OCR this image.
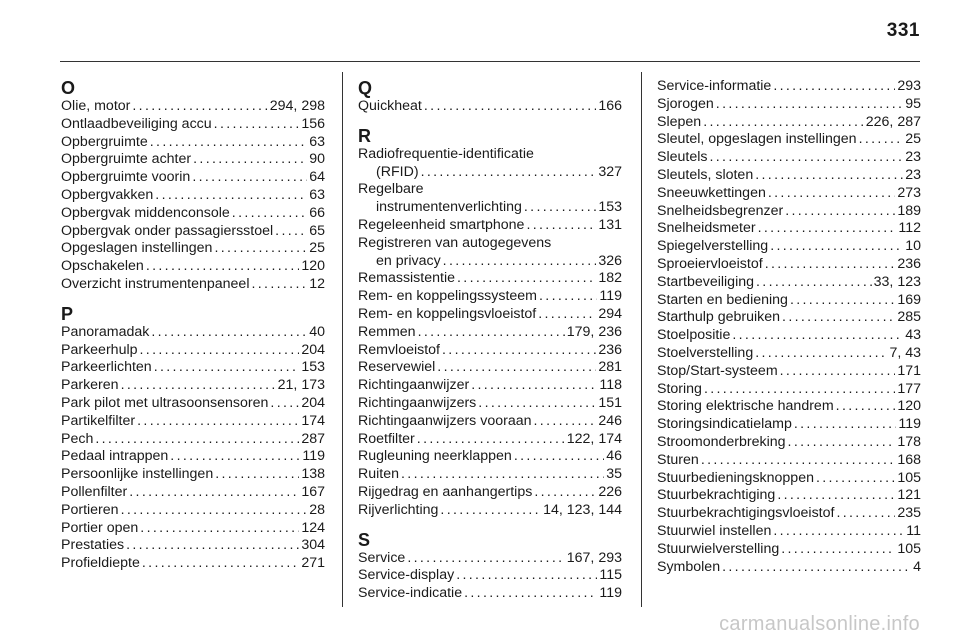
331
O
Olie, motor . . .	294, 298
Ontlaadbeveiliging accu . . .	156
Opbergruimte . . .	63
Opbergruimte achter . . .	90
Opbergruimte voorin . . .	64
Opbergvakken . . .	63
Opbergvak middenconsole . . .	66
Opbergvak onder passagiersstoel . . .	65
Opgeslagen instellingen . . .	25
Opschakelen . . .	120
Overzicht instrumentenpaneel . . .	12
P
Panoramadak . . .	40
Parkeerhulp . . .	204
Parkeerlichten . . .	153
Parkeren . . .	21, 173
Park pilot met ultrasoonsensoren . . . 204
Partikelfilter . . .	174
Pech . . .	287
Pedaal intrappen . . .	119
Persoonlijke instellingen . . .	138
Pollenfilter . . .	167
Portieren . . .	28
Portier open . . .	124
Prestaties . . .	304
Profieldiepte . . .	271
Q
Quickheat . . .	166
R
Radiofrequentie-identificatie
(RFID) . . .	327
Regelbare
instrumentenverlichting . . .	153
Regeleenheid smartphone . . .	131
Registreren van autogegevens
en privacy . . .	326
Remassistentie . . .	182
Rem- en koppelingssysteem . . .	119
Rem- en koppelingsvloeistof . . .	294
Remmen . . .	179, 236
Remvloeistof . . .	236
Reservewiel . . .	281
Richtingaanwijzer . . .	118
Richtingaanwijzers . . .	151
Richtingaanwijzers vooraan . . .	246
Roetfilter . . .	122, 174
Rugleuning neerklappen . . .	46
Ruiten . . .	35
Rijgedrag en aanhangertips . . .	226
Rijverlichting . . .	14, 123, 144
S
Service . . .	167, 293
Service-display . . .	115
Service-indicatie . . .	119
Service-informatie . . .	293
Sjorogen . . .	95
Slepen . . .	226, 287
Sleutel, opgeslagen instellingen . . .	25
Sleutels . . .	23
Sleutels, sloten . . .	23
Sneeuwkettingen . . .	273
Snelheidsbegrenzer . . .	189
Snelheidsmeter . . .	112
Spiegelverstelling . . .	10
Sproeiervloeistof . . .	236
Startbeveiliging . . .	33, 123
Starten en bediening . . .	169
Starthulp gebruiken . . .	285
Stoelpositie . . .	43
Stoelverstelling . . .	7, 43
Stop/Start-systeem . . .	171
Storing . . .	177
Storing elektrische handrem . . .	120
Storingsindicatielamp . . .	119
Stroomonderbreking . . .	178
Sturen . . .	168
Stuurbedieningsknoppen . . .	105
Stuurbekrachtiging . . .	121
Stuurbekrachtigingsvloeistof . . .	235
Stuurwiel instellen . . .	11
Stuurwielverstelling . . .	105
Symbolen . . .	4
carmanualsonline.info
